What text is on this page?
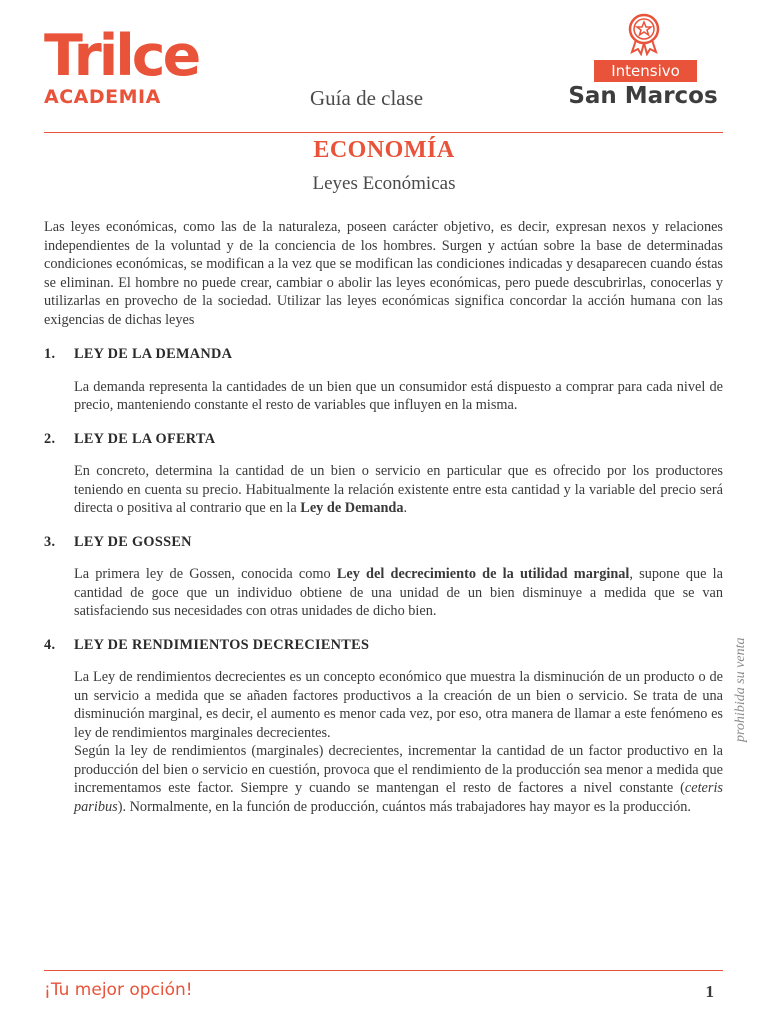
Trilce
ACADEMIA	Guía de clase
Intensivo
San Marcos
ECONOMÍA
Leyes Económicas

Las leyes económicas, como las de la naturaleza, poseen carácter objetivo, es decir, expresan nexos y relaciones independientes de la voluntad y de la conciencia de los hombres. Surgen y actúan sobre la base de determinadas condiciones económicas, se modifican a la vez que se modifican las condiciones indicadas y desaparecen cuando éstas se eliminan. El hombre no puede crear, cambiar o abolir las leyes económicas, pero puede descubrirlas, conocerlas y utilizarlas en provecho de la sociedad. Utilizar las leyes económicas significa concordar la acción humana con las exigencias de dichas leyes

1. LEY DE LA DEMANDA

La demanda representa la cantidades de un bien que un consumidor está dispuesto a comprar para cada nivel de precio, manteniendo constante el resto de variables que influyen en la misma.

2. LEY DE LA OFERTA

En concreto, determina la cantidad de un bien o servicio en particular que es ofrecido por los productores teniendo en cuenta su precio. Habitualmente la relación existente entre esta cantidad y la variable del precio será directa o positiva al contrario que en la Ley de Demanda.

3. LEY DE GOSSEN

La primera ley de Gossen, conocida como Ley del decrecimiento de la utilidad marginal, supone que la cantidad de goce que un individuo obtiene de una unidad de un bien disminuye a medida que se van satisfaciendo sus necesidades con otras unidades de dicho bien.

4. LEY DE RENDIMIENTOS DECRECIENTES

La Ley de rendimientos decrecientes es un concepto económico que muestra la disminución de un producto o de un servicio a medida que se añaden factores productivos a la creación de un bien o servicio. Se trata de una disminución marginal, es decir, el aumento es menor cada vez, por eso, otra manera de llamar a este fenómeno es ley de rendimientos marginales decrecientes.

Según la ley de rendimientos (marginales) decrecientes, incrementar la cantidad de un factor productivo en la producción del bien o servicio en cuestión, provoca que el rendimiento de la producción sea menor a medida que incrementamos este factor. Siempre y cuando se mantengan el resto de factores a nivel constante (ceteris paribus). Normalmente, en la función de producción, cuántos más trabajadores hay mayor es la producción.

prohibida su venta
¡Tu mejor opción!	1
